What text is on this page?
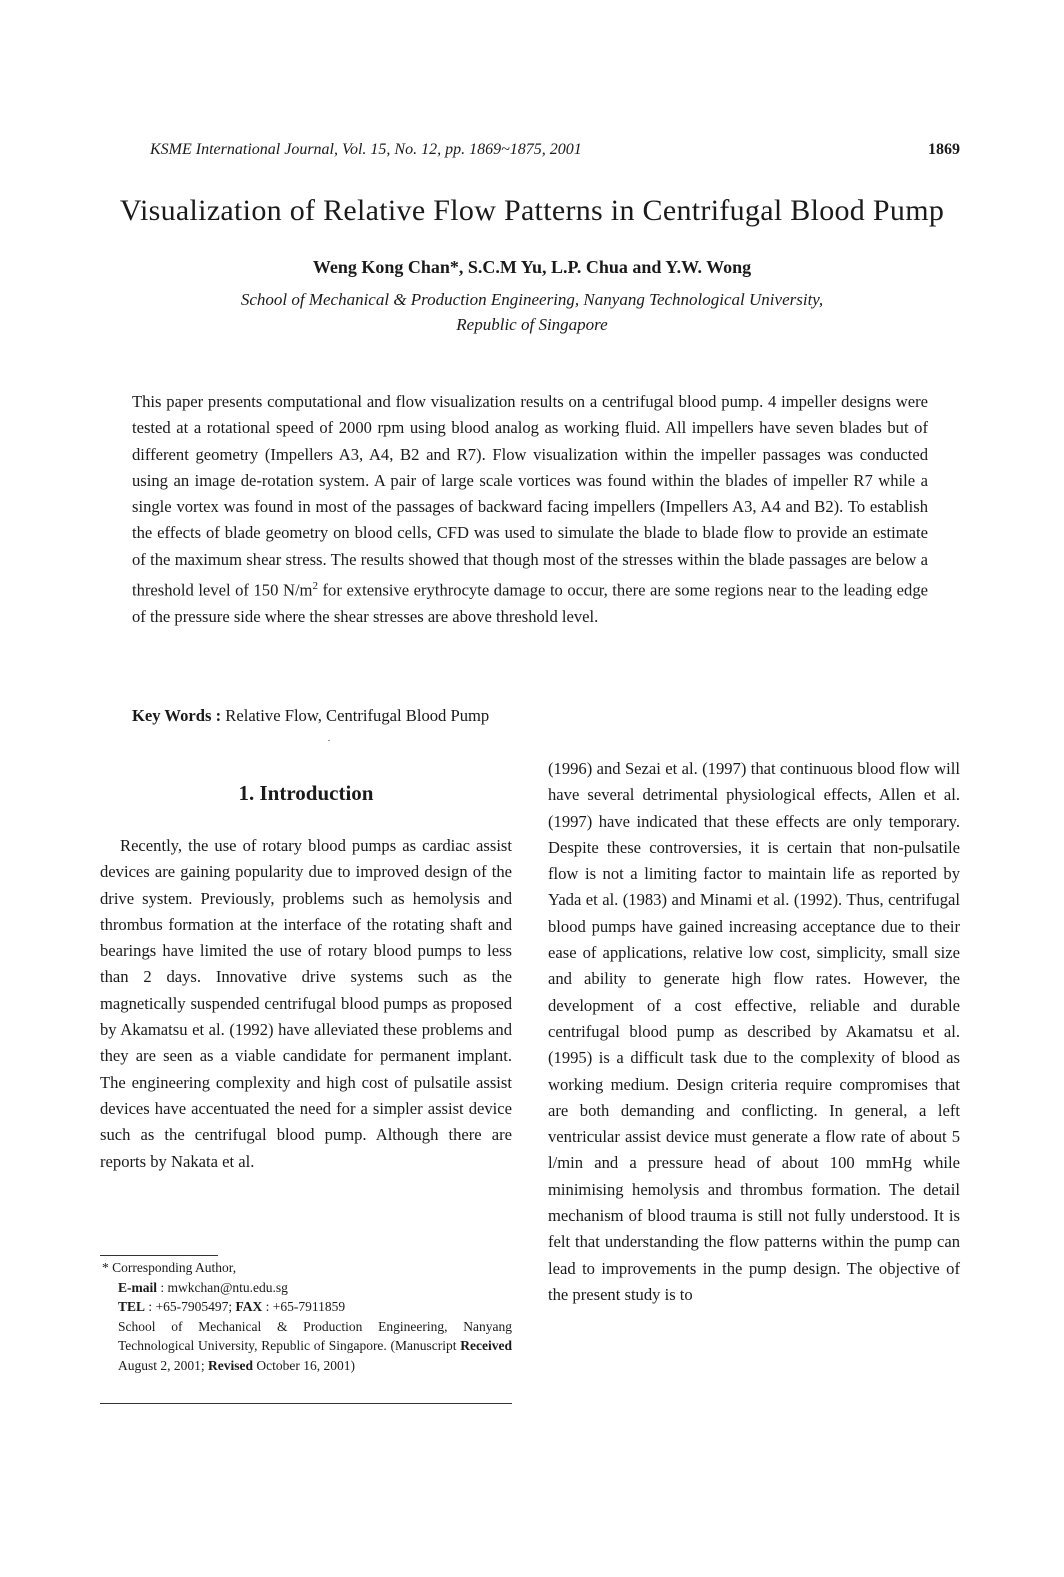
KSME International Journal, Vol. 15, No. 12, pp. 1869~1875, 2001	1869
Visualization of Relative Flow Patterns in Centrifugal Blood Pump
Weng Kong Chan*, S.C.M Yu, L.P. Chua and Y.W. Wong
School of Mechanical & Production Engineering, Nanyang Technological University,
Republic of Singapore

This paper presents computational and flow visualization results on a centrifugal blood pump. 4 impeller designs were tested at a rotational speed of 2000 rpm using blood analog as working fluid. All impellers have seven blades but of different geometry (Impellers A3, A4, B2 and R7). Flow visualization within the impeller passages was conducted using an image de-rotation system. A pair of large scale vortices was found within the blades of impeller R7 while a single vortex was found in most of the passages of backward facing impellers (Impellers A3, A4 and B2). To establish the effects of blade geometry on blood cells, CFD was used to simulate the blade to blade flow to provide an estimate of the maximum shear stress. The results showed that though most of the stresses within the blade passages are below a threshold level of 150 $N/m^2$ for extensive erythrocyte damage to occur, there are some regions near to the leading edge of the pressure side where the shear stresses are above threshold level.

Key Words : Relative Flow, Centrifugal Blood Pump
1. Introduction

Recently, the use of rotary blood pumps as cardiac assist devices are gaining popularity due to improved design of the drive system. Previously, problems such as hemolysis and thrombus formation at the interface of the rotating shaft and bearings have limited the use of rotary blood pumps to less than 2 days. Innovative drive systems such as the magnetically suspended centrifugal blood pumps as proposed by Akamatsu et al. (1992) have alleviated these problems and they are seen as a viable candidate for permanent implant. The engineering complexity and high cost of pulsatile assist devices have accentuated the need for a simpler assist device such as the centrifugal blood pump. Although there are reports by Nakata et al.

(1996) and Sezai et al. (1997) that continuous blood flow will have several detrimental physiological effects, Allen et al. (1997) have indicated that these effects are only temporary. Despite these controversies, it is certain that non-pulsatile flow is not a limiting factor to maintain life as reported by Yada et al. (1983) and Minami et al. (1992). Thus, centrifugal blood pumps have gained increasing acceptance due to their ease of applications, relative low cost, simplicity, small size and ability to generate high flow rates. However, the development of a cost effective, reliable and durable centrifugal blood pump as described by Akamatsu et al. (1995) is a difficult task due to the complexity of blood as working medium. Design criteria require compromises that are both demanding and conflicting. In general, a left ventricular assist device must generate a flow rate of about 5 l/min and a pressure head of about 100 mmHg while minimising hemolysis and thrombus formation. The detail mechanism of blood trauma is still not fully understood. It is felt that understanding the flow patterns within the pump can lead to improvements in the pump design. The objective of the present study is to

* Corresponding Author,
E-mail : mwkchan@ntu.edu.sg
TEL : +65-7905497; FAX : +65-7911859
School of Mechanical & Production Engineering, Nanyang Technological University, Republic of Singapore. (Manuscript Received August 2, 2001; Revised October 16, 2001)
